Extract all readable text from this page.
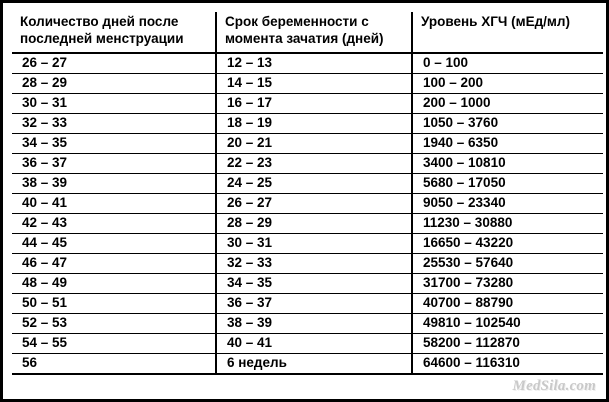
Количество дней после последней менструации	Срок беременности с момента зачатия (дней)	Уровень ХГЧ (мЕд/мл)
26 – 27	12 – 13	0 – 100
28 – 29	14 – 15	100 – 200
30 – 31	16 – 17	200 – 1000
32 – 33	18 – 19	1050 – 3760
34 – 35	20 – 21	1940 – 6350
36 – 37	22 – 23	3400 – 10810
38 – 39	24 – 25	5680 – 17050
40 – 41	26 – 27	9050 – 23340
42 – 43	28 – 29	11230 – 30880
44 – 45	30 – 31	16650 – 43220
46 – 47	32 – 33	25530 – 57640
48 – 49	34 – 35	31700 – 73280
50 – 51	36 – 37	40700 – 88790
52 – 53	38 – 39	49810 – 102540
54 – 55	40 – 41	58200 – 112870
56	6 недель	64600 – 116310
MedSila.com
